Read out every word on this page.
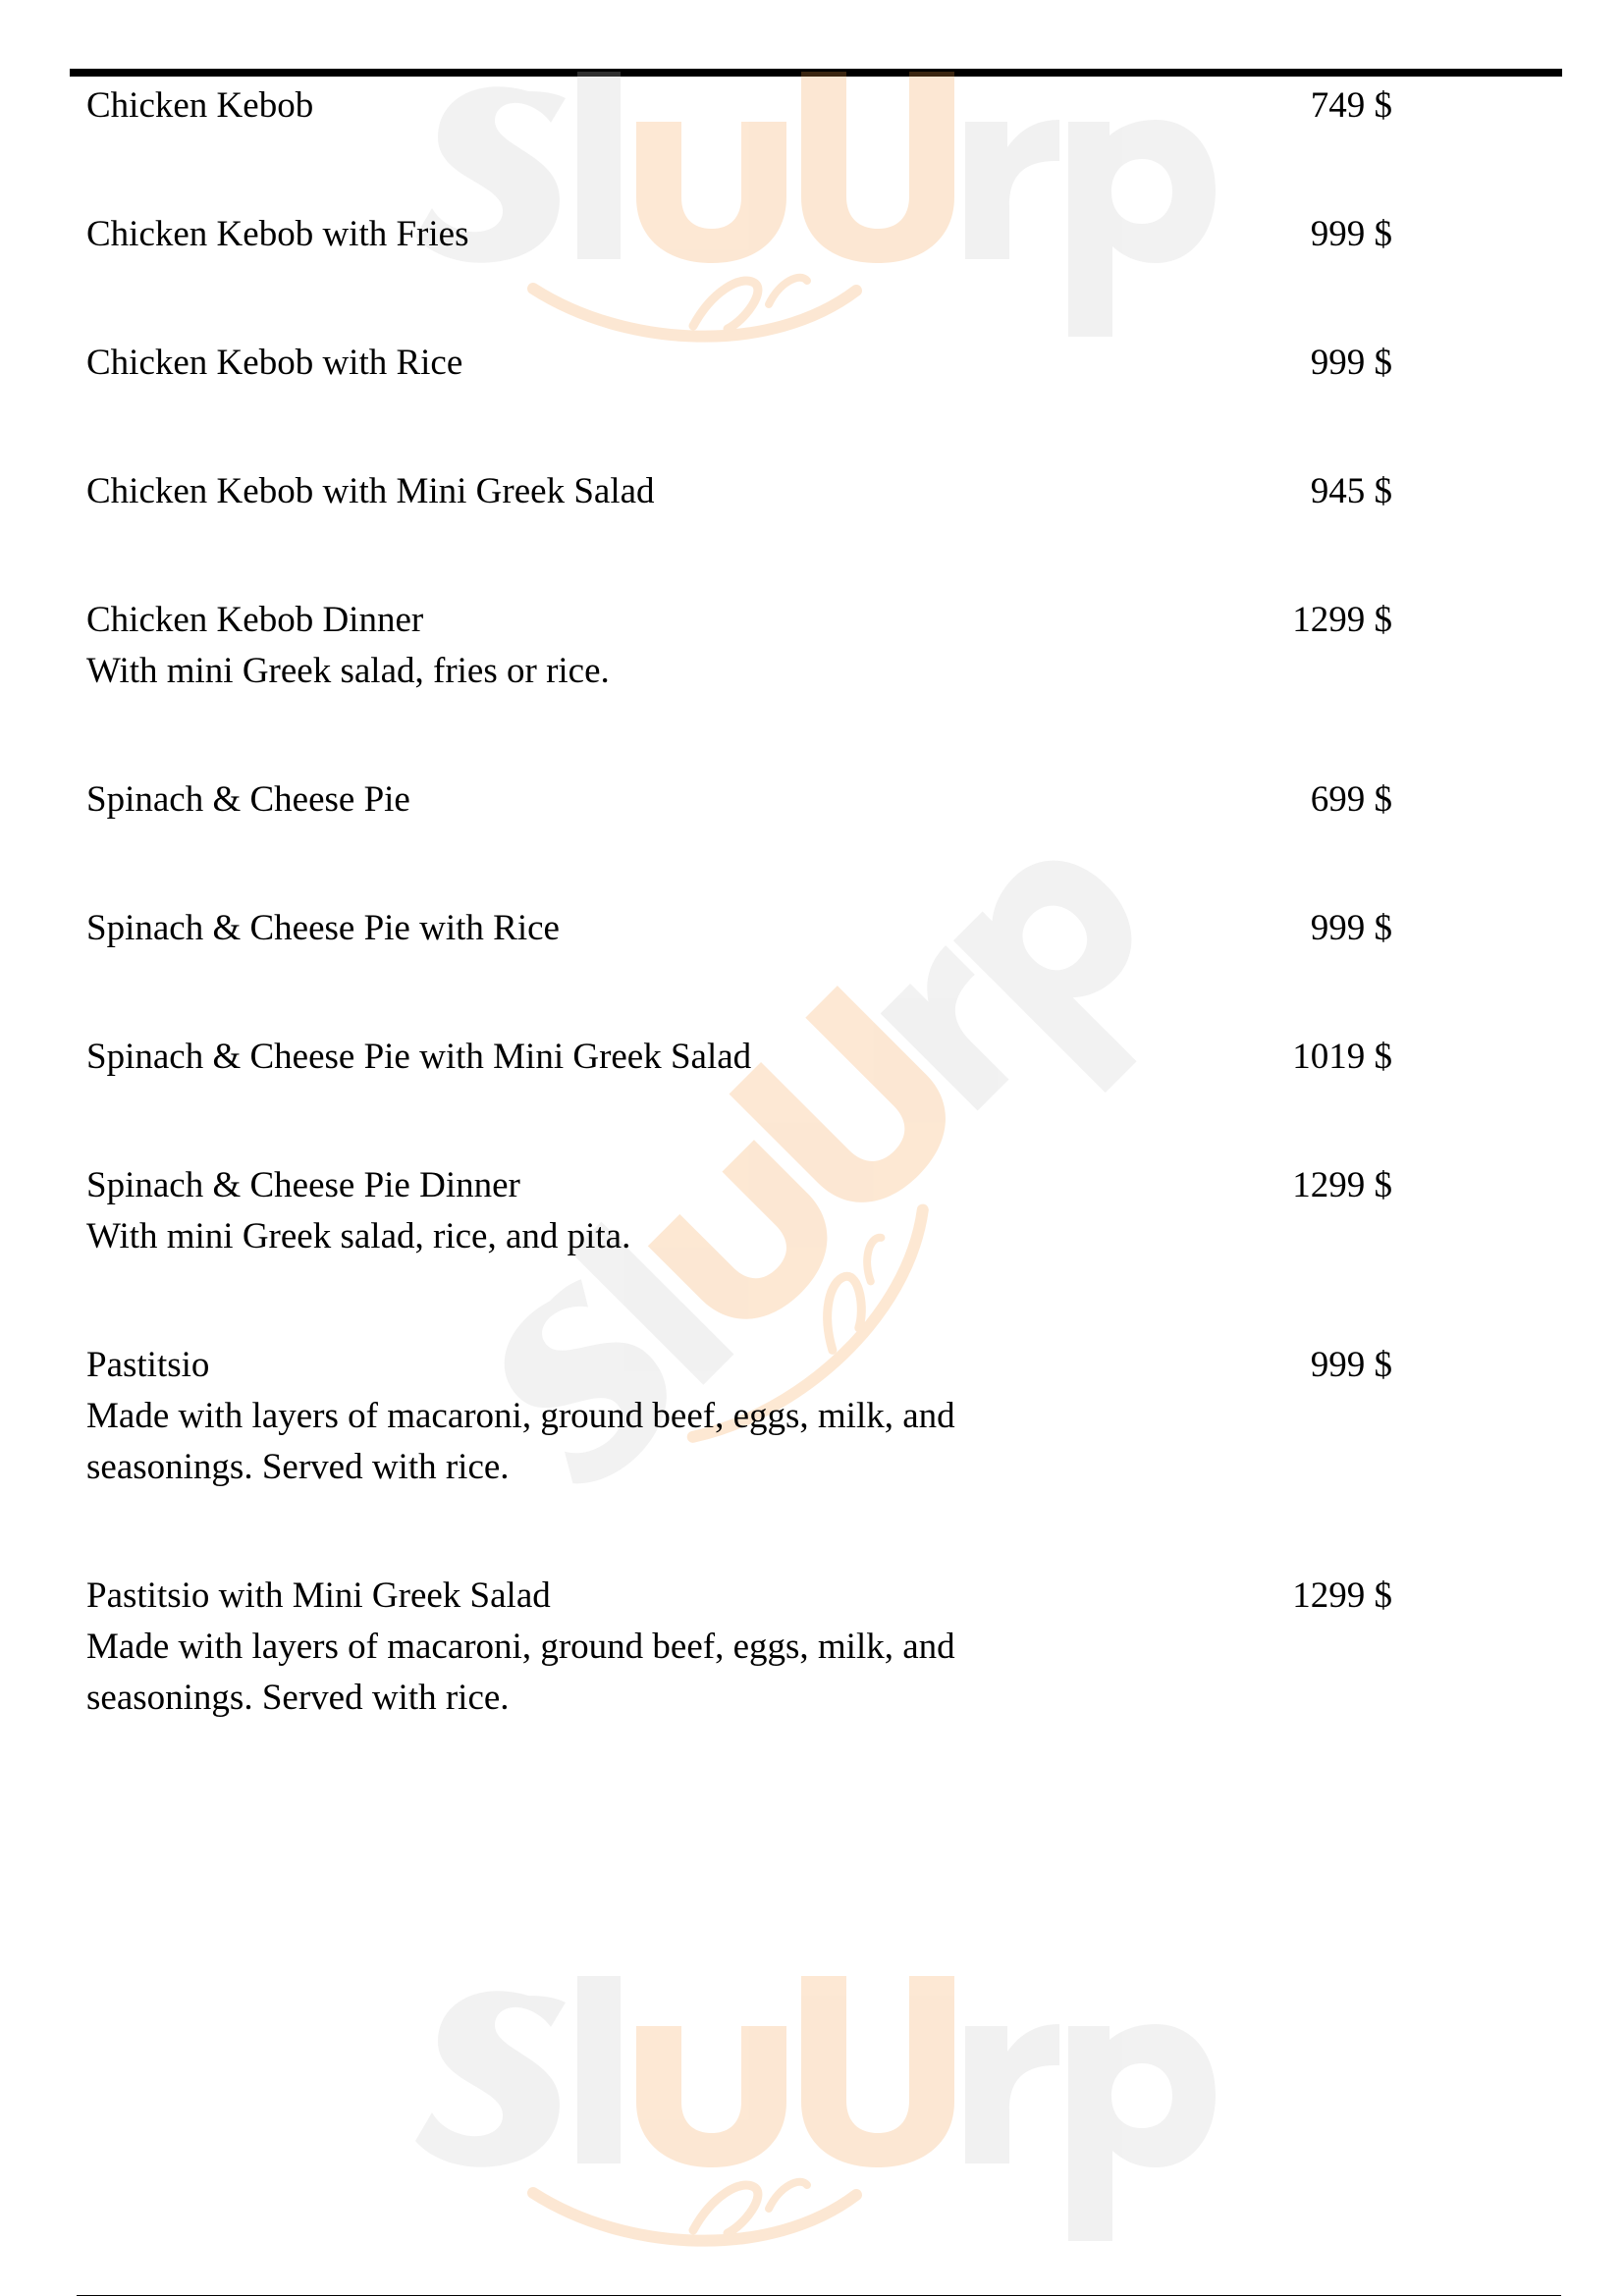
Chicken Kebob	749 $
Chicken Kebob with Fries	999 $
Chicken Kebob with Rice	999 $
Chicken Kebob with Mini Greek Salad	945 $
Chicken Kebob Dinner
With mini Greek salad, fries or rice.
1299 $
Spinach & Cheese Pie	699 $
Spinach & Cheese Pie with Rice	999 $
Spinach & Cheese Pie with Mini Greek Salad	1019 $
Spinach & Cheese Pie Dinner
With mini Greek salad, rice, and pita.
1299 $
Pastitsio
Made with layers of macaroni, ground beef, eggs, milk, and seasonings. Served with rice.
999 $
Pastitsio with Mini Greek Salad
Made with layers of macaroni, ground beef, eggs, milk, and seasonings. Served with rice.
1299 $
